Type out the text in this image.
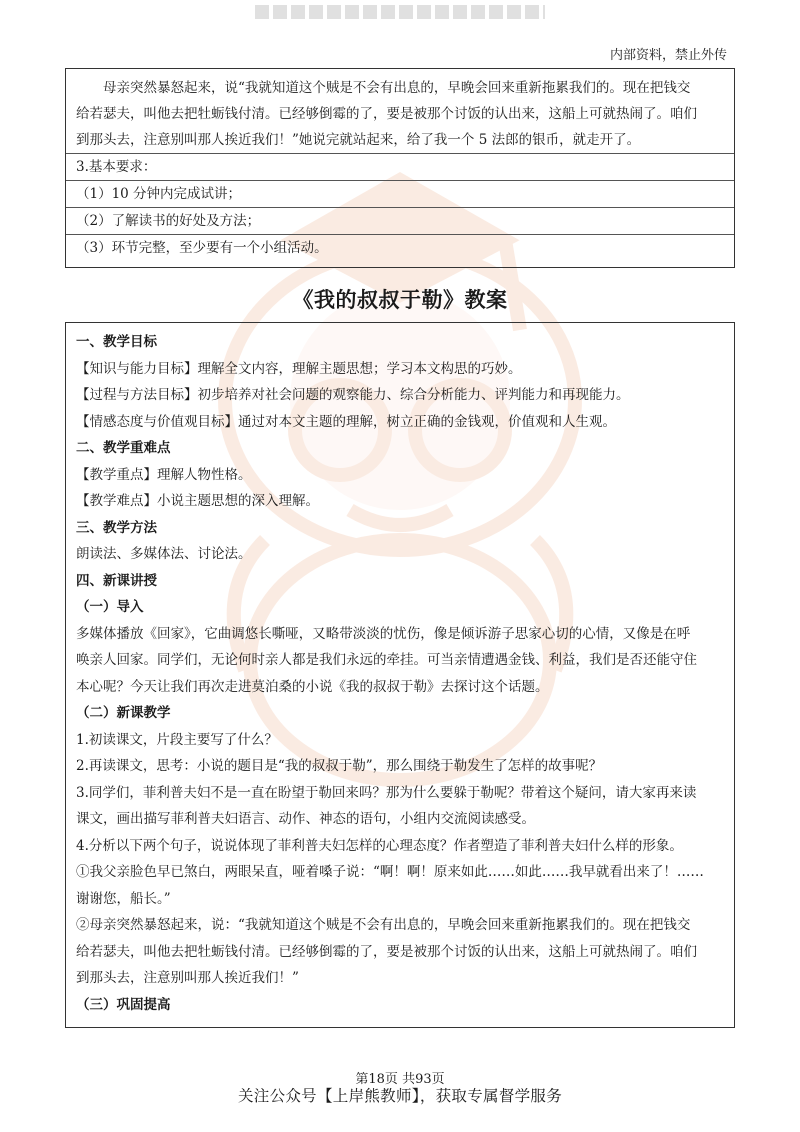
内部资料，禁止外传

母亲突然暴怒起来，说“我就知道这个贼是不会有出息的，早晚会回来重新拖累我们的。现在把钱交

给若瑟夫，叫他去把牡蛎钱付清。已经够倒霉的了，要是被那个讨饭的认出来，这船上可就热闹了。咱们

到那头去，注意别叫那人挨近我们！”她说完就站起来，给了我一个 5 法郎的银币，就走开了。

3.基本要求：

（1）10 分钟内完成试讲；

（2）了解读书的好处及方法；

（3）环节完整，至少要有一个小组活动。

《我的叔叔于勒》教案

一、教学目标

【知识与能力目标】理解全文内容，理解主题思想；学习本文构思的巧妙。

【过程与方法目标】初步培养对社会问题的观察能力、综合分析能力、评判能力和再现能力。

【情感态度与价值观目标】通过对本文主题的理解，树立正确的金钱观，价值观和人生观。

二、教学重难点

【教学重点】理解人物性格。

【教学难点】小说主题思想的深入理解。

三、教学方法

朗读法、多媒体法、讨论法。

四、新课讲授

（一）导入

多媒体播放《回家》，它曲调悠长嘶哑，又略带淡淡的忧伤，像是倾诉游子思家心切的心情，又像是在呼

唤亲人回家。同学们，无论何时亲人都是我们永远的牵挂。可当亲情遭遇金钱、利益，我们是否还能守住

本心呢？今天让我们再次走进莫泊桑的小说《我的叔叔于勒》去探讨这个话题。

（二）新课教学

1.初读课文，片段主要写了什么？

2.再读课文，思考：小说的题目是“我的叔叔于勒”，那么围绕于勒发生了怎样的故事呢？

3.同学们，菲利普夫妇不是一直在盼望于勒回来吗？那为什么要躲于勒呢？带着这个疑问，请大家再来读

课文，画出描写菲利普夫妇语言、动作、神态的语句，小组内交流阅读感受。

4.分析以下两个句子，说说体现了菲利普夫妇怎样的心理态度？作者塑造了菲利普夫妇什么样的形象。

①我父亲脸色早已煞白，两眼呆直，哑着嗓子说：“啊！啊！原来如此……如此……我早就看出来了！……

谢谢您，船长。”

②母亲突然暴怒起来，说：“我就知道这个贼是不会有出息的，早晚会回来重新拖累我们的。现在把钱交

给若瑟夫，叫他去把牡蛎钱付清。已经够倒霉的了，要是被那个讨饭的认出来，这船上可就热闹了。咱们

到那头去，注意别叫那人挨近我们！”

（三）巩固提高

第18页 共93页
关注公众号【上岸熊教师】，获取专属督学服务
